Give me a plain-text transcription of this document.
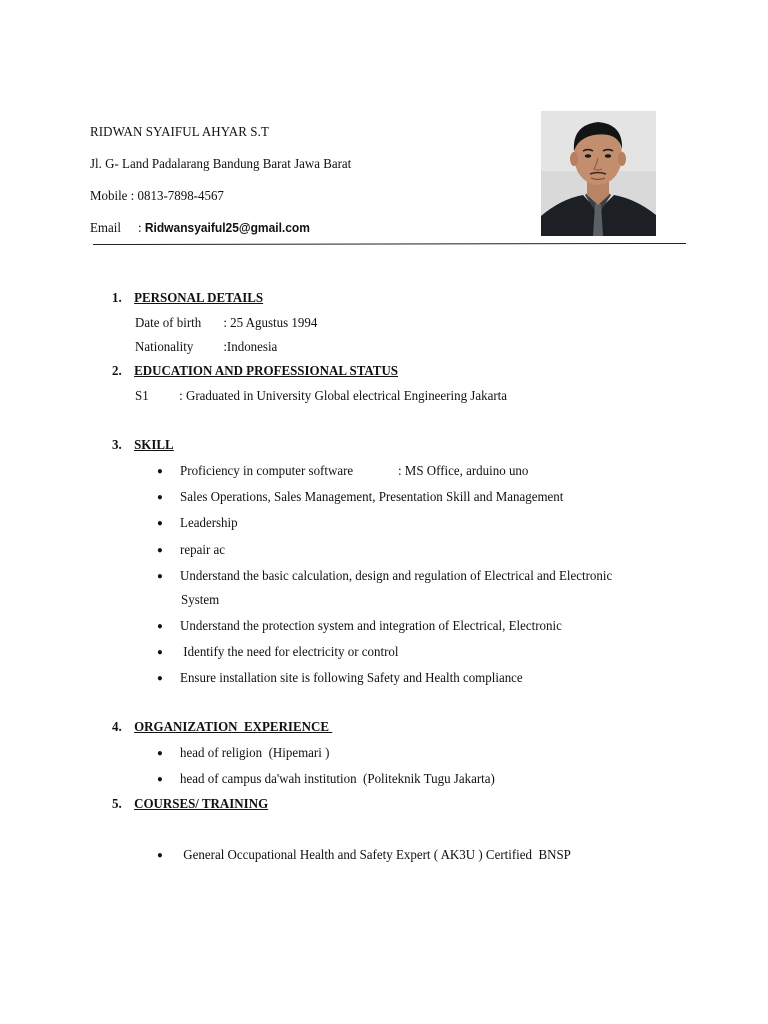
RIDWAN SYAIFUL AHYAR S.T
Jl. G- Land Padalarang Bandung Barat Jawa Barat
Mobile : 0813-7898-4567
Email : Ridwansyaiful25@gmail.com
1. PERSONAL DETAILS
Date of birth : 25 Agustus 1994
Nationality :Indonesia
2. EDUCATION AND PROFESSIONAL STATUS
S1 : Graduated in University Global electrical Engineering Jakarta
3. SKILL
● Proficiency in computer software	: MS Office, arduino uno
● Sales Operations, Sales Management, Presentation Skill and Management
● Leadership
● repair ac
● Understand the basic calculation, design and regulation of Electrical and Electronic
System
● Understand the protection system and integration of Electrical, Electronic
● Identify the need for electricity or control
● Ensure installation site is following Safety and Health compliance
4. ORGANIZATION  EXPERIENCE
● head of religion  (Hipemari )
● head of campus da'wah institution  (Politeknik Tugu Jakarta)
5. COURSES/ TRAINING
● General Occupational Health and Safety Expert ( AK3U ) Certified  BNSP
